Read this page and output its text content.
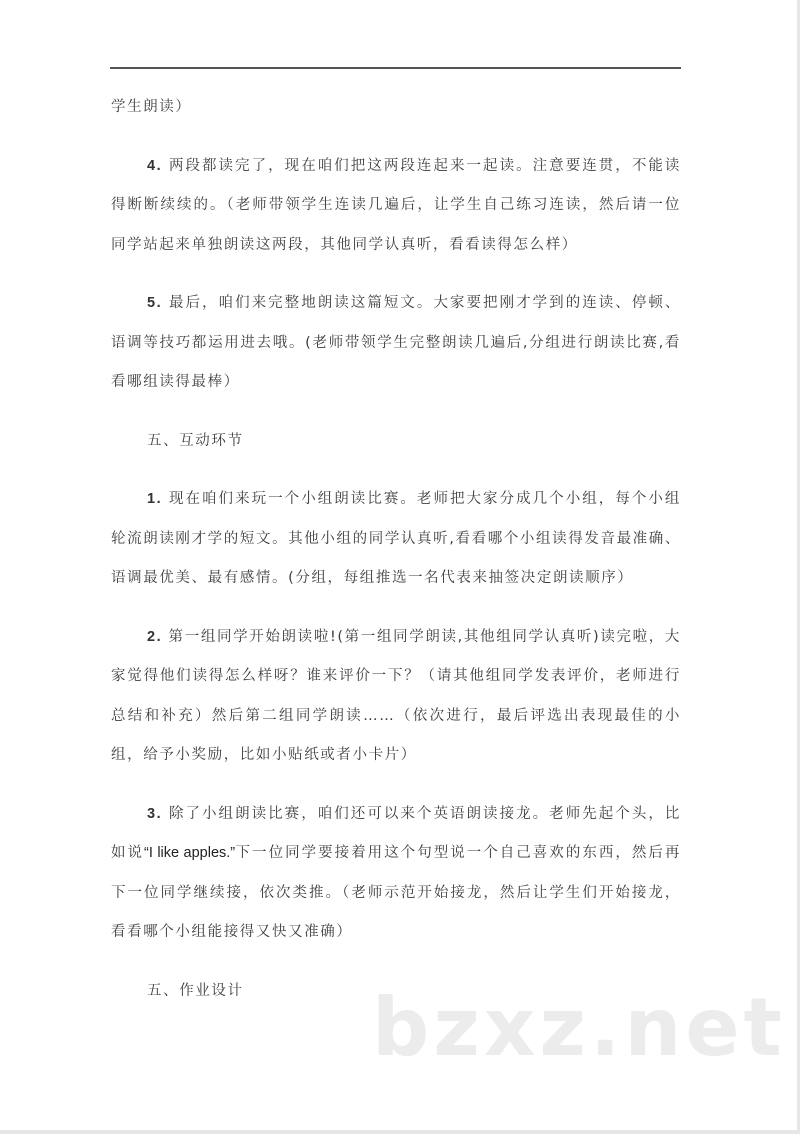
学生朗读）

4. 两段都读完了，现在咱们把这两段连起来一起读。注意要连贯，不能读得断断续续的。（老师带领学生连读几遍后，让学生自己练习连读，然后请一位同学站起来单独朗读这两段，其他同学认真听，看看读得怎么样）

5. 最后，咱们来完整地朗读这篇短文。大家要把刚才学到的连读、停顿、语调等技巧都运用进去哦。(老师带领学生完整朗读几遍后,分组进行朗读比赛,看看哪组读得最棒）

五、互动环节

1. 现在咱们来玩一个小组朗读比赛。老师把大家分成几个小组，每个小组轮流朗读刚才学的短文。其他小组的同学认真听,看看哪个小组读得发音最准确、语调最优美、最有感情。(分组，每组推选一名代表来抽签决定朗读顺序）

2. 第一组同学开始朗读啦!(第一组同学朗读,其他组同学认真听)读完啦，大家觉得他们读得怎么样呀？谁来评价一下？（请其他组同学发表评价，老师进行总结和补充）然后第二组同学朗读……（依次进行，最后评选出表现最佳的小组，给予小奖励，比如小贴纸或者小卡片）

3. 除了小组朗读比赛，咱们还可以来个英语朗读接龙。老师先起个头，比如说“I like apples.”下一位同学要接着用这个句型说一个自己喜欢的东西，然后再下一位同学继续接，依次类推。（老师示范开始接龙，然后让学生们开始接龙，看看哪个小组能接得又快又准确）

五、作业设计	bzxz.net
